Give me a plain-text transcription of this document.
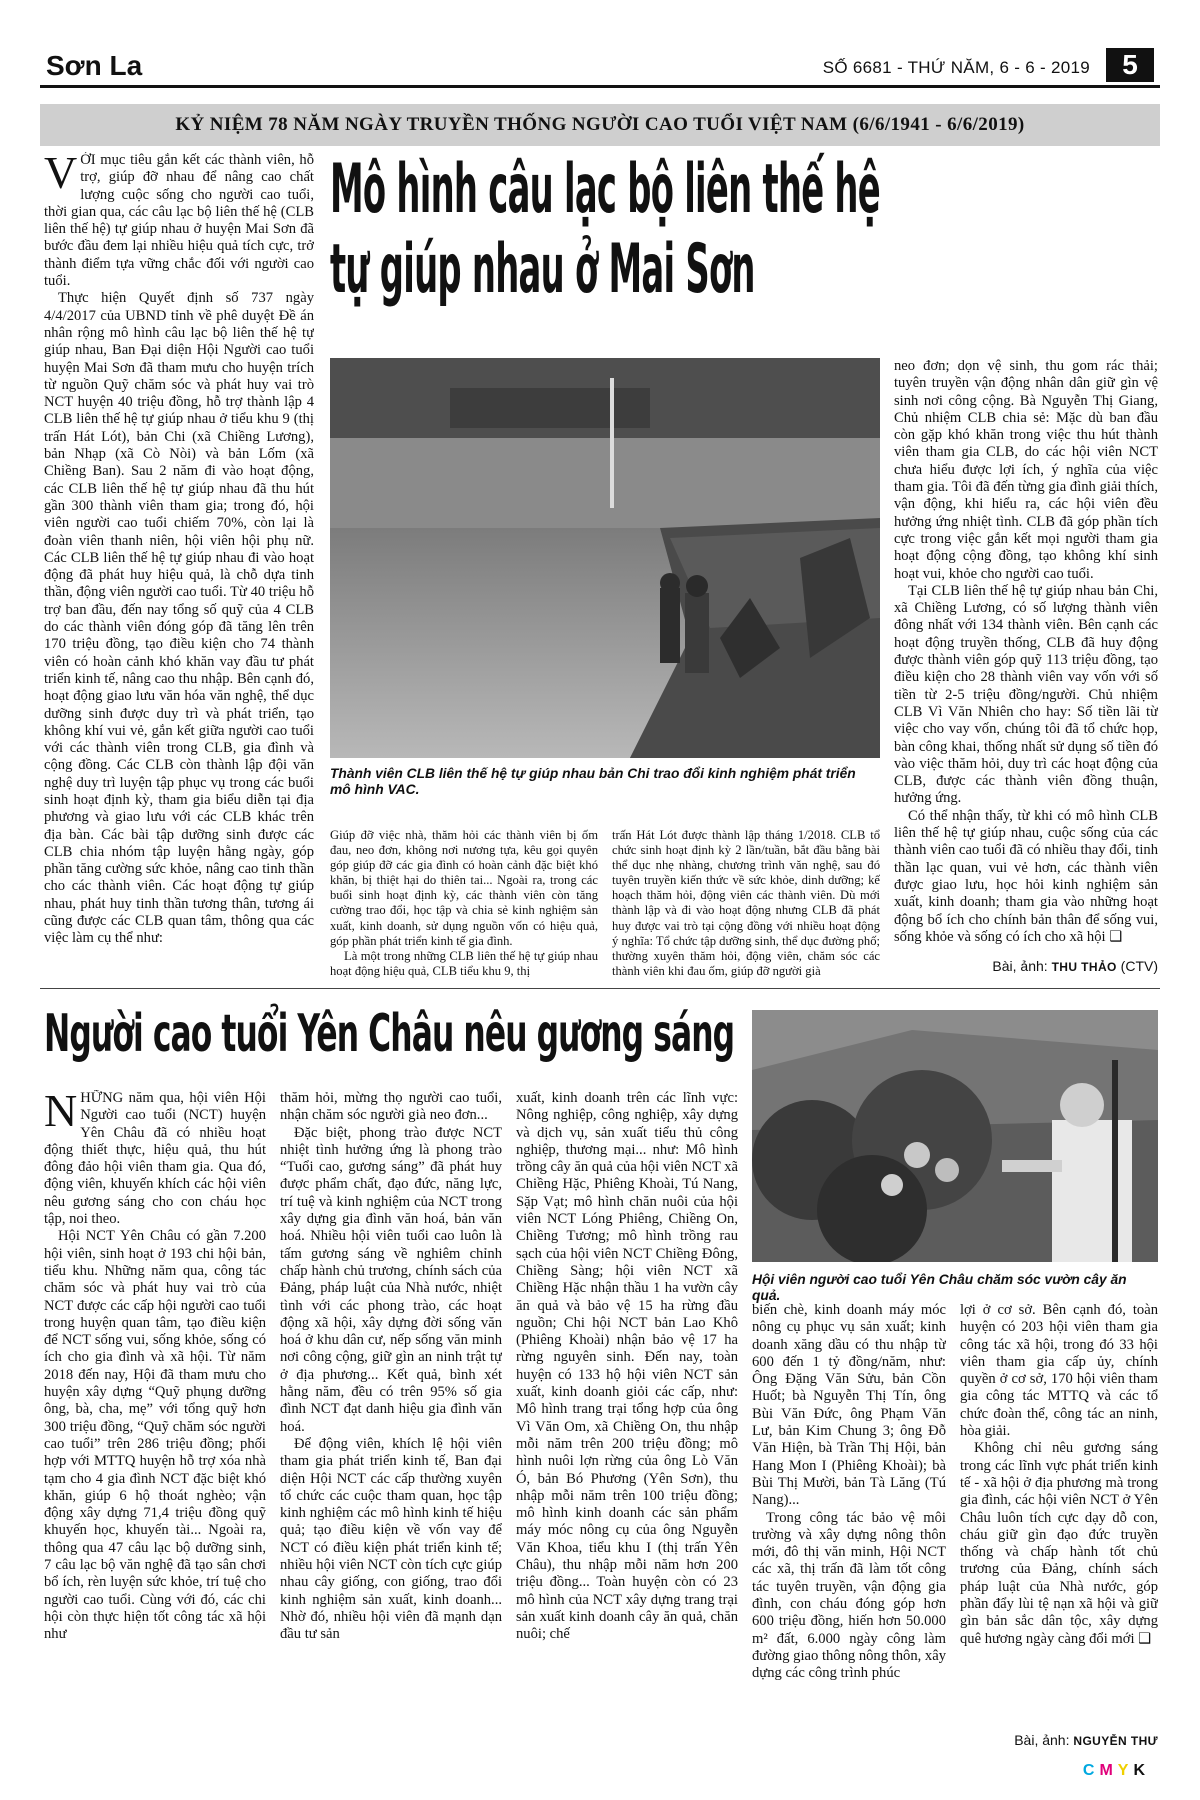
Sơn La	SỐ 6681 - THỨ NĂM, 6 - 6 - 2019	5
KỶ NIỆM 78 NĂM NGÀY TRUYỀN THỐNG NGƯỜI CAO TUỔI VIỆT NAM (6/6/1941 - 6/6/2019)

VỚI mục tiêu gắn kết các thành viên, hỗ trợ, giúp đỡ nhau để nâng cao chất lượng cuộc sống cho người cao tuổi, thời gian qua, các câu lạc bộ liên thế hệ (CLB liên thế hệ) tự giúp nhau ở huyện Mai Sơn đã bước đầu đem lại nhiều hiệu quả tích cực, trở thành điểm tựa vững chắc đối với người cao tuổi.

Thực hiện Quyết định số 737 ngày 4/4/2017 của UBND tỉnh về phê duyệt Đề án nhân rộng mô hình câu lạc bộ liên thế hệ tự giúp nhau, Ban Đại diện Hội Người cao tuổi huyện Mai Sơn đã tham mưu cho huyện trích từ nguồn Quỹ chăm sóc và phát huy vai trò NCT huyện 40 triệu đồng, hỗ trợ thành lập 4 CLB liên thế hệ tự giúp nhau ở tiểu khu 9 (thị trấn Hát Lót), bản Chi (xã Chiềng Lương), bản Nhạp (xã Cò Nòi) và bản Lốm (xã Chiềng Ban). Sau 2 năm đi vào hoạt động, các CLB liên thế hệ tự giúp nhau đã thu hút gần 300 thành viên tham gia; trong đó, hội viên người cao tuổi chiếm 70%, còn lại là đoàn viên thanh niên, hội viên hội phụ nữ. Các CLB liên thế hệ tự giúp nhau đi vào hoạt động đã phát huy hiệu quả, là chỗ dựa tinh thần, động viên người cao tuổi. Từ 40 triệu hỗ trợ ban đầu, đến nay tổng số quỹ của 4 CLB do các thành viên đóng góp đã tăng lên trên 170 triệu đồng, tạo điều kiện cho 74 thành viên có hoàn cảnh khó khăn vay đầu tư phát triển kinh tế, nâng cao thu nhập. Bên cạnh đó, hoạt động giao lưu văn hóa văn nghệ, thể dục dưỡng sinh được duy trì và phát triển, tạo không khí vui vẻ, gắn kết giữa người cao tuổi với các thành viên trong CLB, gia đình và cộng đồng. Các CLB còn thành lập đội văn nghệ duy trì luyện tập phục vụ trong các buổi sinh hoạt định kỳ, tham gia biểu diễn tại địa phương và giao lưu với các CLB khác trên địa bàn. Các bài tập dưỡng sinh được các CLB chia nhóm tập luyện hằng ngày, góp phần tăng cường sức khỏe, nâng cao tinh thần cho các thành viên. Các hoạt động tự giúp nhau, phát huy tinh thần tương thân, tương ái cũng được các CLB quan tâm, thông qua các việc làm cụ thể như:

Mô hình câu lạc bộ liên thế hệ
tự giúp nhau ở Mai Sơn
Thành viên CLB liên thế hệ tự giúp nhau bản Chi trao đổi kinh nghiệm phát triển mô hình VAC.

Giúp đỡ việc nhà, thăm hỏi các thành viên bị ốm đau, neo đơn, không nơi nương tựa, kêu gọi quyên góp giúp đỡ các gia đình có hoàn cảnh đặc biệt khó khăn, bị thiệt hại do thiên tai... Ngoài ra, trong các buổi sinh hoạt định kỳ, các thành viên còn tăng cường trao đổi, học tập và chia sẻ kinh nghiệm sản xuất, kinh doanh, sử dụng nguồn vốn có hiệu quả, góp phần phát triển kinh tế gia đình.

Là một trong những CLB liên thế hệ tự giúp nhau hoạt động hiệu quả, CLB tiểu khu 9, thị

trấn Hát Lót được thành lập tháng 1/2018. CLB tổ chức sinh hoạt định kỳ 2 lần/tuần, bắt đầu bằng bài thể dục nhẹ nhàng, chương trình văn nghệ, sau đó tuyên truyền kiến thức về sức khỏe, dinh dưỡng; kế hoạch thăm hỏi, động viên các thành viên. Dù mới thành lập và đi vào hoạt động nhưng CLB đã phát huy được vai trò tại cộng đồng với nhiều hoạt động ý nghĩa: Tổ chức tập dưỡng sinh, thể dục đường phố; thường xuyên thăm hỏi, động viên, chăm sóc các thành viên khi đau ốm, giúp đỡ người già

neo đơn; dọn vệ sinh, thu gom rác thải; tuyên truyền vận động nhân dân giữ gìn vệ sinh nơi công cộng. Bà Nguyễn Thị Giang, Chủ nhiệm CLB chia sẻ: Mặc dù ban đầu còn gặp khó khăn trong việc thu hút thành viên tham gia CLB, do các hội viên NCT chưa hiểu được lợi ích, ý nghĩa của việc tham gia. Tôi đã đến từng gia đình giải thích, vận động, khi hiểu ra, các hội viên đều hưởng ứng nhiệt tình. CLB đã góp phần tích cực trong việc gắn kết mọi người tham gia hoạt động cộng đồng, tạo không khí sinh hoạt vui, khỏe cho người cao tuổi.

Tại CLB liên thế hệ tự giúp nhau bản Chi, xã Chiềng Lương, có số lượng thành viên đông nhất với 134 thành viên. Bên cạnh các hoạt động truyền thống, CLB đã huy động được thành viên góp quỹ 113 triệu đồng, tạo điều kiện cho 28 thành viên vay vốn với số tiền từ 2-5 triệu đồng/người. Chủ nhiệm CLB Vì Văn Nhiên cho hay: Số tiền lãi từ việc cho vay vốn, chúng tôi đã tổ chức họp, bàn công khai, thống nhất sử dụng số tiền đó vào việc thăm hỏi, duy trì các hoạt động của CLB, được các thành viên đồng thuận, hưởng ứng.

Có thể nhận thấy, từ khi có mô hình CLB liên thế hệ tự giúp nhau, cuộc sống của các thành viên cao tuổi đã có nhiều thay đổi, tinh thần lạc quan, vui vẻ hơn, các thành viên được giao lưu, học hỏi kinh nghiệm sản xuất, kinh doanh; tham gia vào những hoạt động bổ ích cho chính bản thân để sống vui, sống khỏe và sống có ích cho xã hội ❑

Bài, ảnh: THU THẢO (CTV)
Người cao tuổi Yên Châu nêu gương sáng

NHỮNG năm qua, hội viên Hội Người cao tuổi (NCT) huyện Yên Châu đã có nhiều hoạt động thiết thực, hiệu quả, thu hút đông đảo hội viên tham gia. Qua đó, động viên, khuyến khích các hội viên nêu gương sáng cho con cháu học tập, noi theo.

Hội NCT Yên Châu có gần 7.200 hội viên, sinh hoạt ở 193 chi hội bản, tiểu khu. Những năm qua, công tác chăm sóc và phát huy vai trò của NCT được các cấp hội người cao tuổi trong huyện quan tâm, tạo điều kiện để NCT sống vui, sống khỏe, sống có ích cho gia đình và xã hội. Từ năm 2018 đến nay, Hội đã tham mưu cho huyện xây dựng “Quỹ phụng dưỡng ông, bà, cha, mẹ” với tổng quỹ hơn 300 triệu đồng, “Quỹ chăm sóc người cao tuổi” trên 286 triệu đồng; phối hợp với MTTQ huyện hỗ trợ xóa nhà tạm cho 4 gia đình NCT đặc biệt khó khăn, giúp 6 hộ thoát nghèo; vận động xây dựng 71,4 triệu đồng quỹ khuyến học, khuyến tài... Ngoài ra, thông qua 47 câu lạc bộ dưỡng sinh, 7 câu lạc bộ văn nghệ đã tạo sân chơi bổ ích, rèn luyện sức khỏe, trí tuệ cho người cao tuổi. Cùng với đó, các chi hội còn thực hiện tốt công tác xã hội như

thăm hỏi, mừng thọ người cao tuổi, nhận chăm sóc người già neo đơn...

Đặc biệt, phong trào được NCT nhiệt tình hưởng ứng là phong trào “Tuổi cao, gương sáng” đã phát huy được phẩm chất, đạo đức, năng lực, trí tuệ và kinh nghiệm của NCT trong xây dựng gia đình văn hoá, bản văn hoá. Nhiều hội viên tuổi cao luôn là tấm gương sáng về nghiêm chỉnh chấp hành chủ trương, chính sách của Đảng, pháp luật của Nhà nước, nhiệt tình với các phong trào, các hoạt động xã hội, xây dựng đời sống văn hoá ở khu dân cư, nếp sống văn minh nơi công cộng, giữ gìn an ninh trật tự ở địa phương... Kết quả, bình xét hằng năm, đều có trên 95% số gia đình NCT đạt danh hiệu gia đình văn hoá.

Để động viên, khích lệ hội viên tham gia phát triển kinh tế, Ban đại diện Hội NCT các cấp thường xuyên tổ chức các cuộc tham quan, học tập kinh nghiệm các mô hình kinh tế hiệu quả; tạo điều kiện về vốn vay để NCT có điều kiện phát triển kinh tế; nhiều hội viên NCT còn tích cực giúp nhau cây giống, con giống, trao đổi kinh nghiệm sản xuất, kinh doanh... Nhờ đó, nhiều hội viên đã mạnh dạn đầu tư sản

xuất, kinh doanh trên các lĩnh vực: Nông nghiệp, công nghiệp, xây dựng và dịch vụ, sản xuất tiểu thủ công nghiệp, thương mại... như: Mô hình trồng cây ăn quả của hội viên NCT xã Chiềng Hặc, Phiêng Khoài, Tú Nang, Sặp Vạt; mô hình chăn nuôi của hội viên NCT Lóng Phiêng, Chiềng On, Chiềng Tương; mô hình trồng rau sạch của hội viên NCT Chiềng Đông, Chiềng Sàng; hội viên NCT xã Chiềng Hặc nhận thầu 1 ha vườn cây ăn quả và bảo vệ 15 ha rừng đầu nguồn; Chi hội NCT bản Lao Khô (Phiêng Khoài) nhận bảo vệ 17 ha rừng nguyên sinh. Đến nay, toàn huyện có 133 hộ hội viên NCT sản xuất, kinh doanh giỏi các cấp, như: Mô hình trang trại tổng hợp của ông Vì Văn Om, xã Chiềng On, thu nhập mỗi năm trên 200 triệu đồng; mô hình nuôi lợn rừng của ông Lò Văn Ó, bản Bó Phương (Yên Sơn), thu nhập mỗi năm trên 100 triệu đồng; mô hình kinh doanh các sản phẩm máy móc nông cụ của ông Nguyễn Văn Khoa, tiểu khu I (thị trấn Yên Châu), thu nhập mỗi năm hơn 200 triệu đồng... Toàn huyện còn có 23 mô hình của NCT xây dựng trang trại sản xuất kinh doanh cây ăn quả, chăn nuôi; chế

Hội viên người cao tuổi Yên Châu chăm sóc vườn cây ăn quả.

biến chè, kinh doanh máy móc nông cụ phục vụ sản xuất; kinh doanh xăng dầu có thu nhập từ 600 đến 1 tỷ đồng/năm, như: Ông Đặng Văn Sửu, bản Cồn Huốt; bà Nguyễn Thị Tín, ông Bùi Văn Đức, ông Phạm Văn Lư, bản Kim Chung 3; ông Đỗ Văn Hiện, bà Trần Thị Hội, bản Hang Mon I (Phiêng Khoài); bà Bùi Thị Mười, bản Tà Lăng (Tú Nang)...

Trong công tác bảo vệ môi trường và xây dựng nông thôn mới, đô thị văn minh, Hội NCT các xã, thị trấn đã làm tốt công tác tuyên truyền, vận động gia đình, con cháu đóng góp hơn 600 triệu đồng, hiến hơn 50.000 m² đất, 6.000 ngày công làm đường giao thông nông thôn, xây dựng các công trình phúc

lợi ở cơ sở. Bên cạnh đó, toàn huyện có 203 hội viên tham gia công tác xã hội, trong đó 33 hội viên tham gia cấp ủy, chính quyền ở cơ sở, 170 hội viên tham gia công tác MTTQ và các tổ chức đoàn thể, công tác an ninh, hòa giải.

Không chỉ nêu gương sáng trong các lĩnh vực phát triển kinh tế - xã hội ở địa phương mà trong gia đình, các hội viên NCT ở Yên Châu luôn tích cực dạy dỗ con, cháu giữ gìn đạo đức truyền thống và chấp hành tốt chủ trương của Đảng, chính sách pháp luật của Nhà nước, góp phần đẩy lùi tệ nạn xã hội và giữ gìn bản sắc dân tộc, xây dựng quê hương ngày càng đổi mới ❑

Bài, ảnh: NGUYỄN THƯ
CMYK
